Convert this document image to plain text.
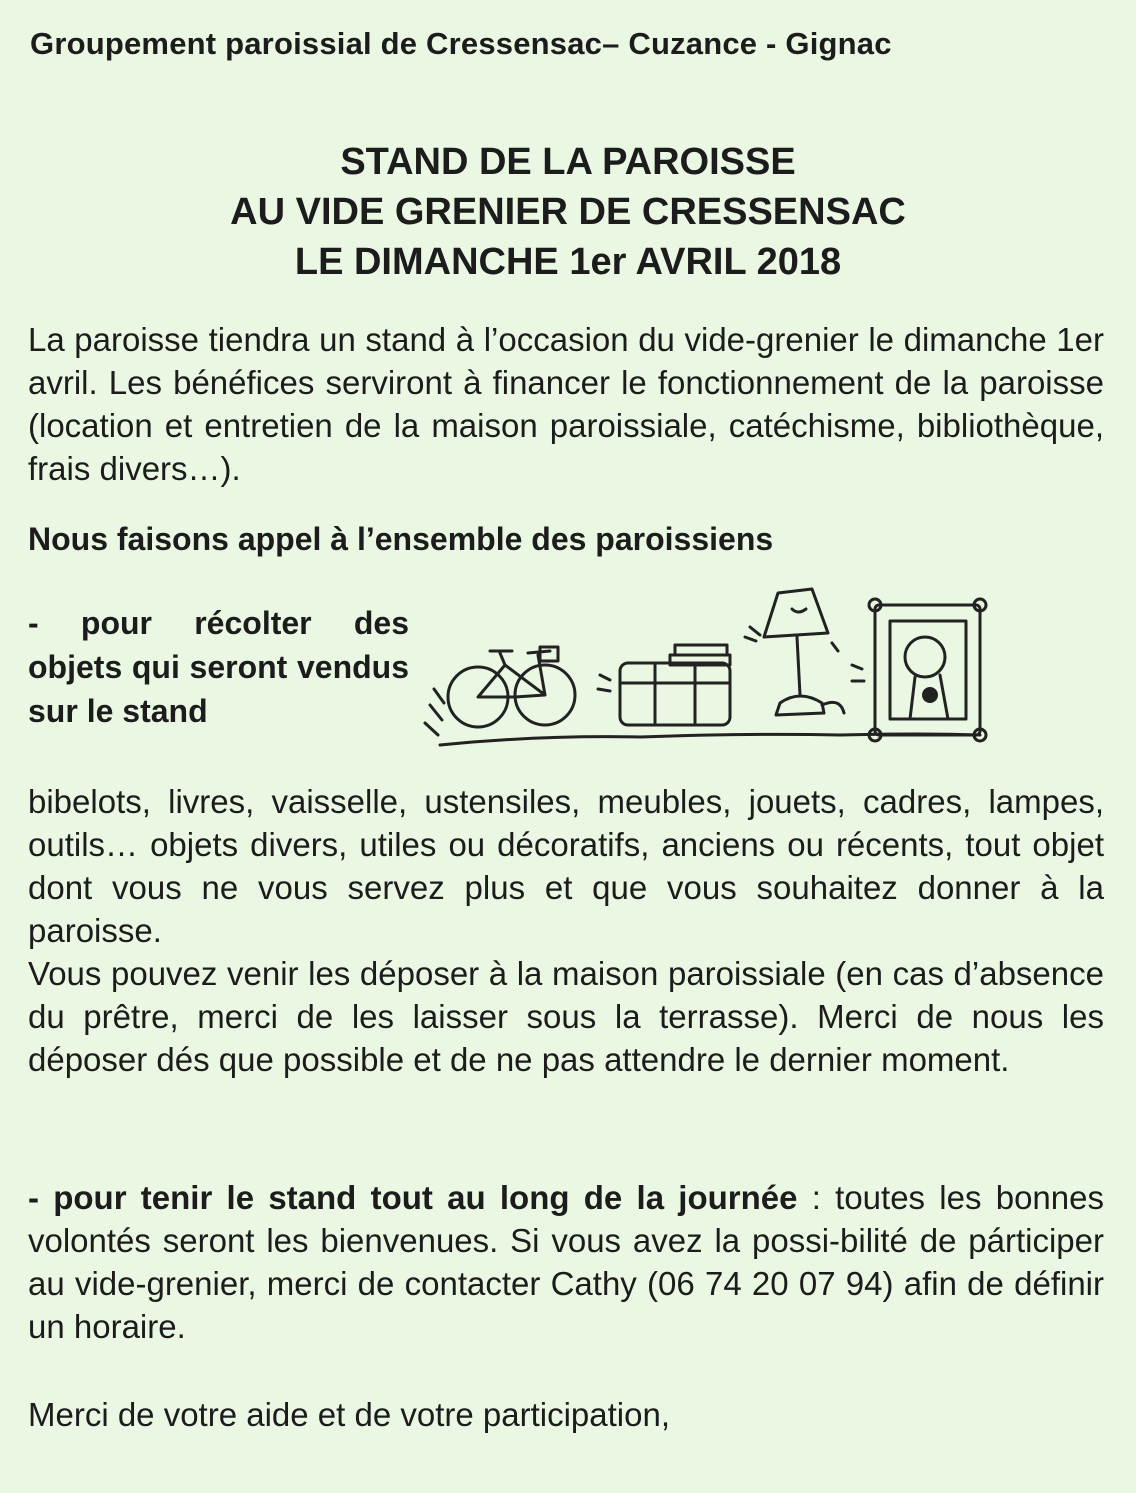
Groupement paroissial de Cressensac– Cuzance - Gignac
STAND DE LA PAROISSE
AU VIDE GRENIER DE CRESSENSAC
LE DIMANCHE 1er AVRIL 2018
La paroisse tiendra un stand à l’occasion du vide-grenier le dimanche 1er avril. Les bénéfices serviront à financer le fonctionnement de la paroisse (location et entretien de la maison paroissiale, catéchisme, bibliothèque, frais divers…).
Nous faisons appel à l’ensemble des paroissiens
- pour récolter des objets qui seront vendus sur le stand
bibelots, livres, vaisselle, ustensiles, meubles, jouets, cadres, lampes, outils… objets divers, utiles ou décoratifs, anciens ou récents, tout objet dont vous ne vous servez plus et que vous souhaitez donner à la paroisse.
Vous pouvez venir les déposer à la maison paroissiale (en cas d’absence du prêtre, merci de les laisser sous la terrasse). Merci de nous les déposer dés que possible et de ne pas attendre le dernier moment.
- pour tenir le stand tout au long de la journée : toutes les bonnes volontés seront les bienvenues. Si vous avez la possi-bilité de párticiper au vide-grenier, merci de contacter Cathy (06 74 20 07 94) afin de définir un horaire.
Merci de votre aide et de votre participation,
